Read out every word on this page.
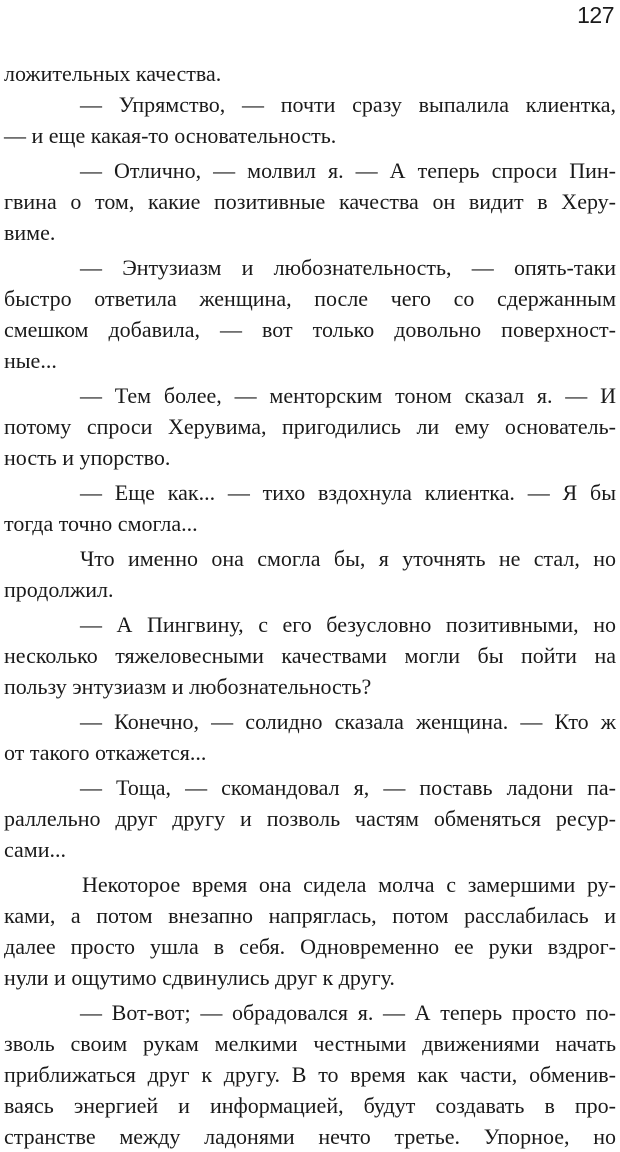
127
ложительных качества.
— Упрямство, — почти сразу выпалила клиентка,
— и еще какая-то основательность.
— Отлично, — молвил я. — А теперь спроси Пин-
гвина о том, какие позитивные качества он видит в Херу-
виме.
— Энтузиазм и любознательность, — опять-таки
быстро ответила женщина, после чего со сдержанным
смешком добавила, — вот только довольно поверхност-
ные...
— Тем более, — менторским тоном сказал я. — И
потому спроси Херувима, пригодились ли ему основатель-
ность и упорство.
— Еще как... — тихо вздохнула клиентка. — Я бы
тогда точно смогла...
Что именно она смогла бы, я уточнять не стал, но
продолжил.
— А Пингвину, с его безусловно позитивными, но
несколько тяжеловесными качествами могли бы пойти на
пользу энтузиазм и любознательность?
— Конечно, — солидно сказала женщина. — Кто ж
от такого откажется...
— Тоща, — скомандовал я, — поставь ладони па-
раллельно друг другу и позволь частям обменяться ресур-
сами...
Некоторое время она сидела молча с замершими ру-
ками, а потом внезапно напряглась, потом расслабилась и
далее просто ушла в себя. Одновременно ее руки вздрог-
нули и ощутимо сдвинулись друг к другу.
— Вот-вот; — обрадовался я. — А теперь просто по-
зволь своим рукам мелкими честными движениями начать
приближаться друг к другу. В то время как части, обменив-
ваясь энергией и информацией, будут создавать в про-
странстве между ладонями нечто третье. Упорное, но
